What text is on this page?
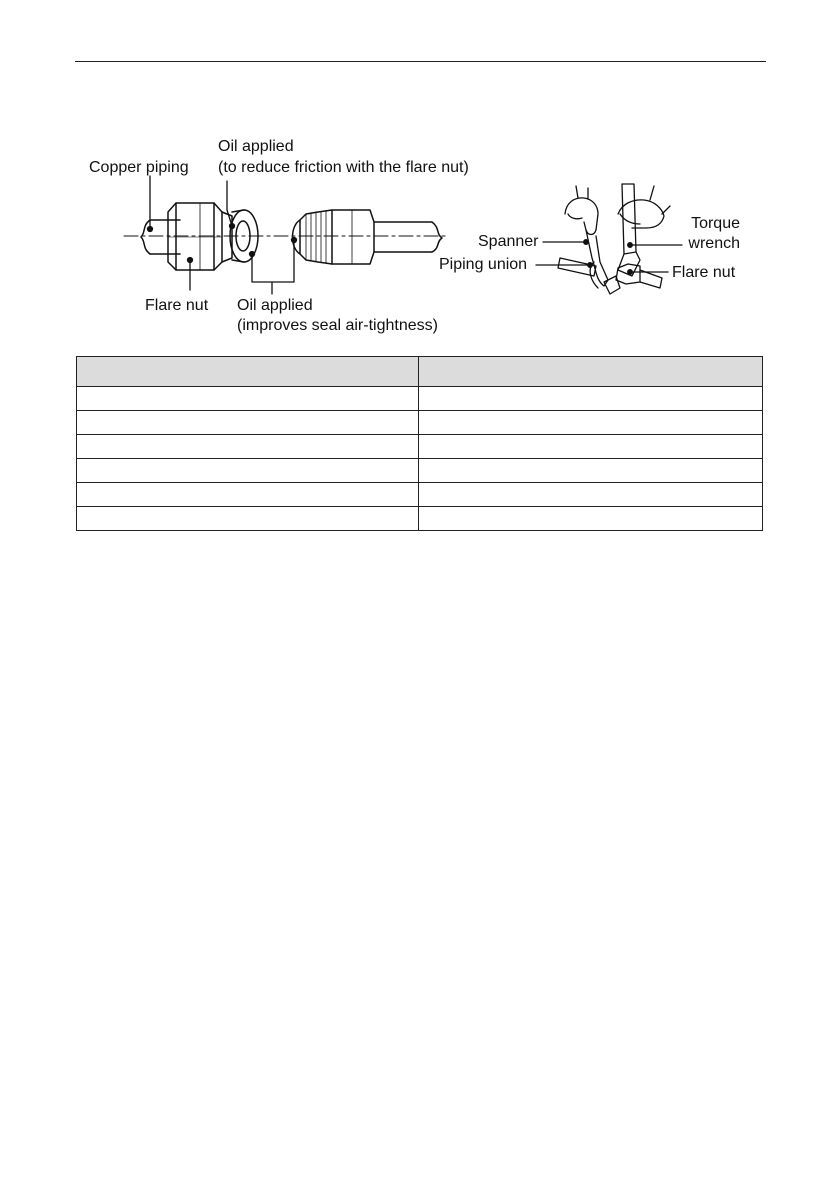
Copper piping
Oil applied
(to reduce friction with the flare nut)
Flare nut Oil applied
(improves seal air-tightness)
Torque
wrench
Spanner
Piping union	Flare nut
